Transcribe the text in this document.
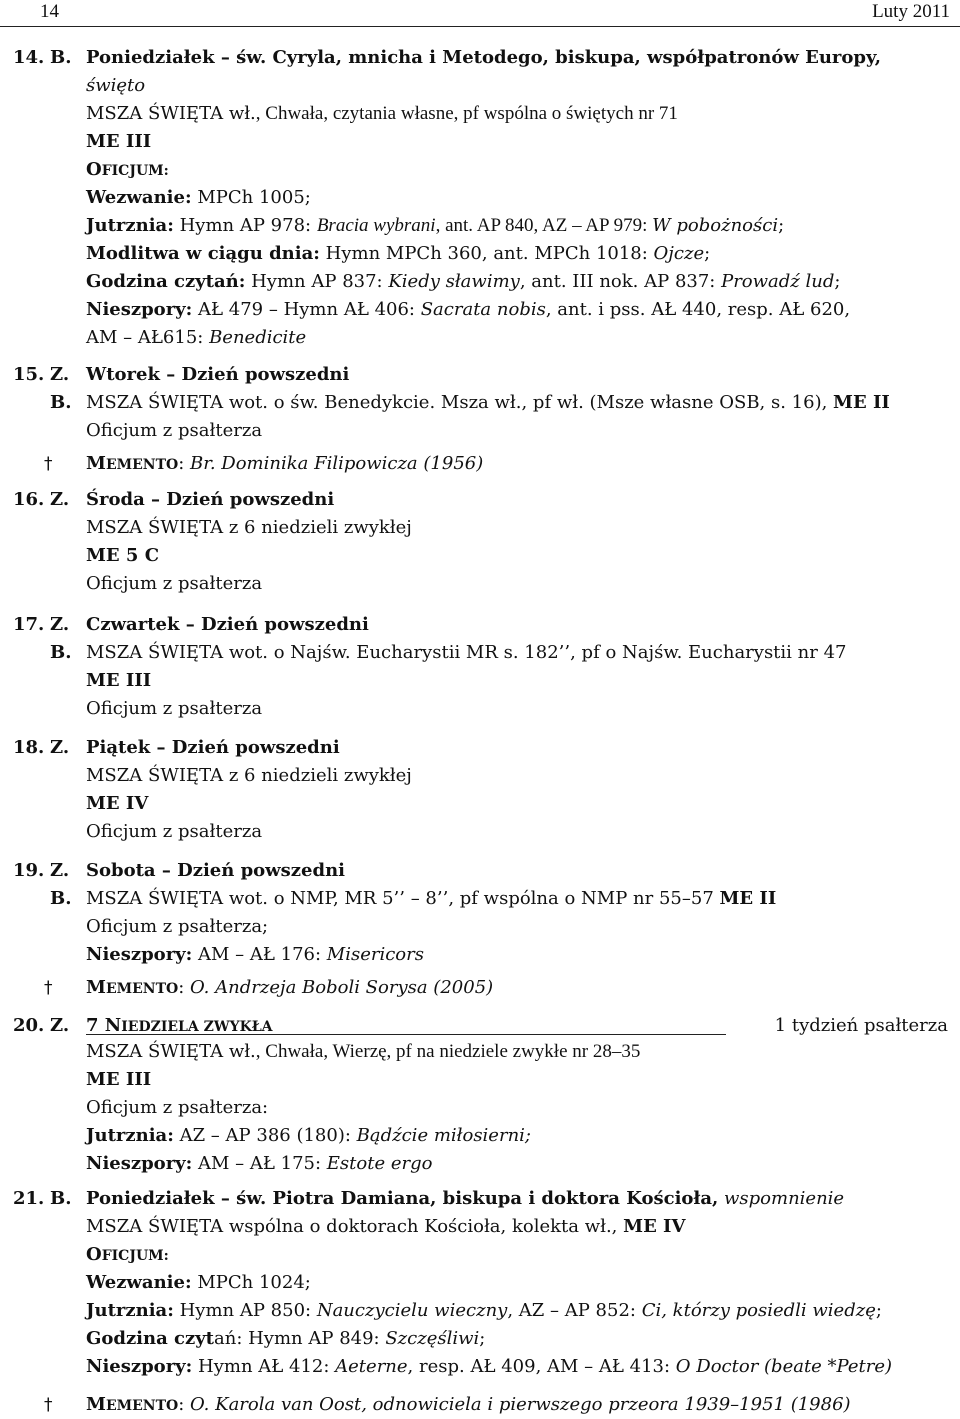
14	Luty 2011
14. B. Poniedziałek – św. Cyryla, mnicha i Metodego, biskupa, współpatronów Europy,
święto
MSZA ŚWIĘTA wł., Chwała, czytania własne, pf wspólna o świętych nr 71
ME III
OFICJUM:
Wezwanie: MPCh 1005;
Jutrznia: Hymn AP 978: Bracia wybrani, ant. AP 840, AZ – AP 979: W pobożności;
Modlitwa w ciągu dnia: Hymn MPCh 360, ant. MPCh 1018: Ojcze;
Godzina czytań: Hymn AP 837: Kiedy sławimy, ant. III nok. AP 837: Prowadź lud;
Nieszpory: AŁ 479 – Hymn AŁ 406: Sacrata nobis, ant. i pss. AŁ 440, resp. AŁ 620,
AM – AŁ615: Benedicite
15. Z. Wtorek – Dzień powszedni
B. MSZA ŚWIĘTA wot. o św. Benedykcie. Msza wł., pf wł. (Msze własne OSB, s. 16), ME II
Oficjum z psałterza
† MEMENTO: Br. Dominika Filipowicza (1956)
16. Z. Środa – Dzień powszedni
MSZA ŚWIĘTA z 6 niedzieli zwykłej
ME 5 C
Oficjum z psałterza
17. Z. Czwartek – Dzień powszedni
B. MSZA ŚWIĘTA wot. o Najśw. Eucharystii MR s. 182’’, pf o Najśw. Eucharystii nr 47
ME III
Oficjum z psałterza
18. Z. Piątek – Dzień powszedni
MSZA ŚWIĘTA z 6 niedzieli zwykłej
ME IV
Oficjum z psałterza
19. Z. Sobota – Dzień powszedni
B. MSZA ŚWIĘTA wot. o NMP, MR 5’’ – 8’’, pf wspólna o NMP nr 55–57 ME II
Oficjum z psałterza;
Nieszpory: AM – AŁ 176: Misericors
† MEMENTO: O. Andrzeja Boboli Sorysa (2005)
20. Z. 7 NIEDZIELA ZWYKŁA	1 tydzień psałterza
MSZA ŚWIĘTA wł., Chwała, Wierzę, pf na niedziele zwykłe nr 28–35
ME III
Oficjum z psałterza:
Jutrznia: AZ – AP 386 (180): Bądźcie miłosierni;
Nieszpory: AM – AŁ 175: Estote ergo
21. B. Poniedziałek – św. Piotra Damiana, biskupa i doktora Kościoła, wspomnienie
MSZA ŚWIĘTA wspólna o doktorach Kościoła, kolekta wł., ME IV
OFICJUM:
Wezwanie: MPCh 1024;
Jutrznia: Hymn AP 850: Nauczycielu wieczny, AZ – AP 852: Ci, którzy posiedli wiedzę;
Godzina czytań: Hymn AP 849: Szczęśliwi;
Nieszpory: Hymn AŁ 412: Aeterne, resp. AŁ 409, AM – AŁ 413: O Doctor (beate *Petre)
† MEMENTO: O. Karola van Oost, odnowiciela i pierwszego przeora 1939–1951 (1986)
